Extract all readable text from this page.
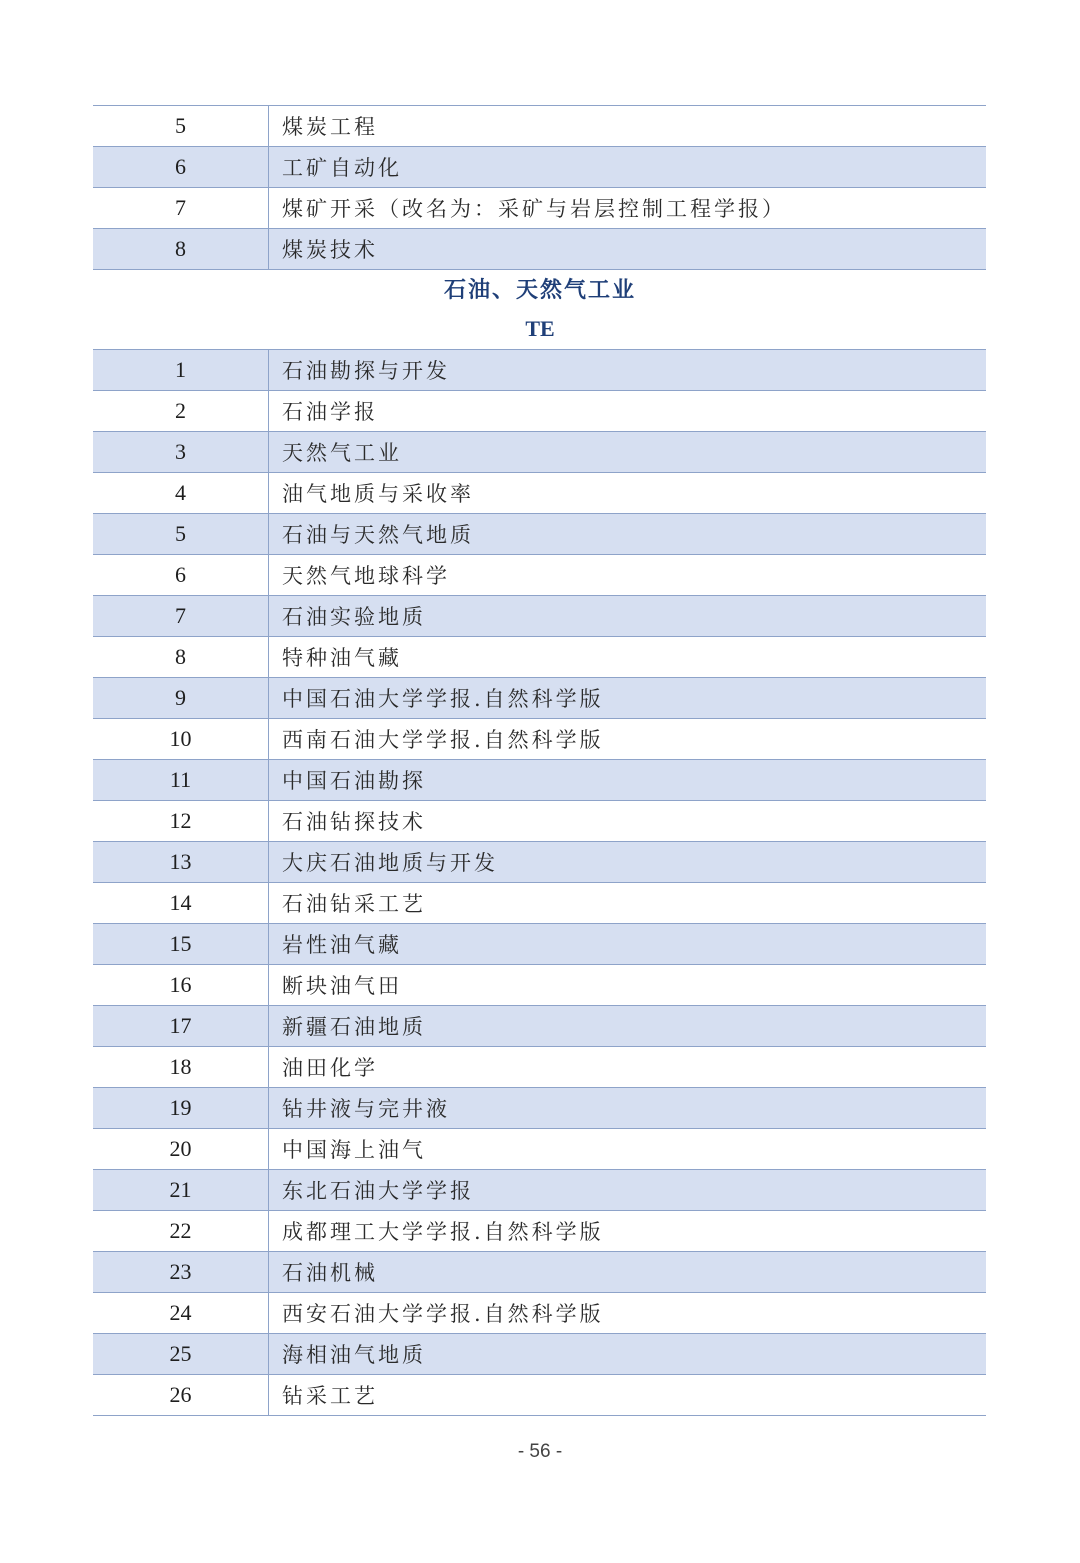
5	煤炭工程
6	工矿自动化
7	煤矿开采（改名为：采矿与岩层控制工程学报）
8	煤炭技术
石油、天然气工业
TE
1	石油勘探与开发
2	石油学报
3	天然气工业
4	油气地质与采收率
5	石油与天然气地质
6	天然气地球科学
7	石油实验地质
8	特种油气藏
9	中国石油大学学报.自然科学版
10	西南石油大学学报.自然科学版
11	中国石油勘探
12	石油钻探技术
13	大庆石油地质与开发
14	石油钻采工艺
15	岩性油气藏
16	断块油气田
17	新疆石油地质
18	油田化学
19	钻井液与完井液
20	中国海上油气
21	东北石油大学学报
22	成都理工大学学报.自然科学版
23	石油机械
24	西安石油大学学报.自然科学版
25	海相油气地质
26	钻采工艺
- 56 -
